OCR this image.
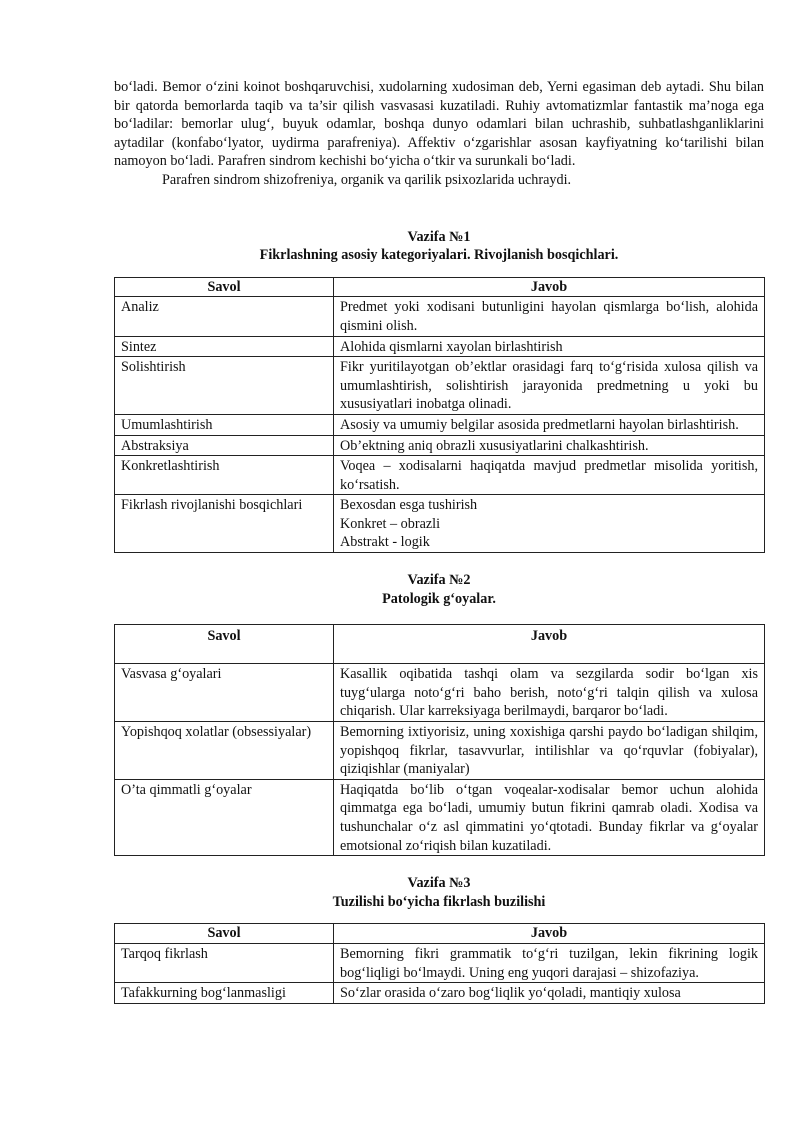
bo‘ladi. Bemor o‘zini koinot boshqaruvchisi, xudolarning xudosiman deb, Yerni egasiman deb aytadi. Shu bilan bir qatorda bemorlarda taqib va ta’sir qilish vasvasasi kuzatiladi. Ruhiy avtomatizmlar fantastik ma’noga ega bo‘ladilar: bemorlar ulug‘, buyuk odamlar, boshqa dunyo odamlari bilan uchrashib, suhbatlashganliklarini aytadilar (konfabo‘lyator, uydirma parafreniya). Affektiv o‘zgarishlar asosan kayfiyatning ko‘tarilishi bilan namoyon bo‘ladi. Parafren sindrom kechishi bo‘yicha o‘tkir va surunkali bo‘ladi.

Parafren sindrom shizofreniya, organik va qarilik psixozlarida uchraydi.

Vazifa №1

Fikrlashning asosiy kategoriyalari. Rivojlanish bosqichlari.

Savol	Javob
Analiz	Predmet yoki xodisani butunligini hayolan qismlarga bo‘lish, alohida qismini olish.
Sintez	Alohida qismlarni xayolan birlashtirish
Solishtirish	Fikr yuritilayotgan ob’ektlar orasidagi farq to‘g‘risida xulosa qilish va umumlashtirish, solishtirish jarayonida predmetning u yoki bu xususiyatlari inobatga olinadi.
Umumlashtirish	Asosiy va umumiy belgilar asosida predmetlarni hayolan birlashtirish.
Abstraksiya	Ob’ektning aniq obrazli xususiyatlarini chalkashtirish.
Konkretlashtirish	Voqea – xodisalarni haqiqatda mavjud predmetlar misolida yoritish, ko‘rsatish.
Fikrlash rivojlanishi bosqichlari	Bexosdan esga tushirish
Konkret – obrazli
Abstrakt - logik

Vazifa №2

Patologik g‘oyalar.

Savol	Javob
Vasvasa g‘oyalari	Kasallik oqibatida tashqi olam va sezgilarda sodir bo‘lgan xis tuyg‘ularga noto‘g‘ri baho berish, noto‘g‘ri talqin qilish va xulosa chiqarish. Ular karreksiyaga berilmaydi, barqaror bo‘ladi.
Yopishqoq xolatlar (obsessiyalar)	Bemorning ixtiyorisiz, uning xoxishiga qarshi paydo bo‘ladigan shilqim, yopishqoq fikrlar, tasavvurlar, intilishlar va qo‘rquvlar (fobiyalar), qiziqishlar (maniyalar)
O’ta qimmatli g‘oyalar	Haqiqatda bo‘lib o‘tgan voqealar-xodisalar bemor uchun alohida qimmatga ega bo‘ladi, umumiy butun fikrini qamrab oladi. Xodisa va tushunchalar o‘z asl qimmatini yo‘qtotadi. Bunday fikrlar va g‘oyalar emotsional zo‘riqish bilan kuzatiladi.

Vazifa №3

Tuzilishi bo‘yicha fikrlash buzilishi

Savol	Javob
Tarqoq fikrlash	Bemorning fikri grammatik to‘g‘ri tuzilgan, lekin fikrining logik bog‘liqligi bo‘lmaydi. Uning eng yuqori darajasi – shizofaziya.
Tafakkurning bog‘lanmasligi	So‘zlar orasida o‘zaro bog‘liqlik yo‘qoladi, mantiqiy xulosa
